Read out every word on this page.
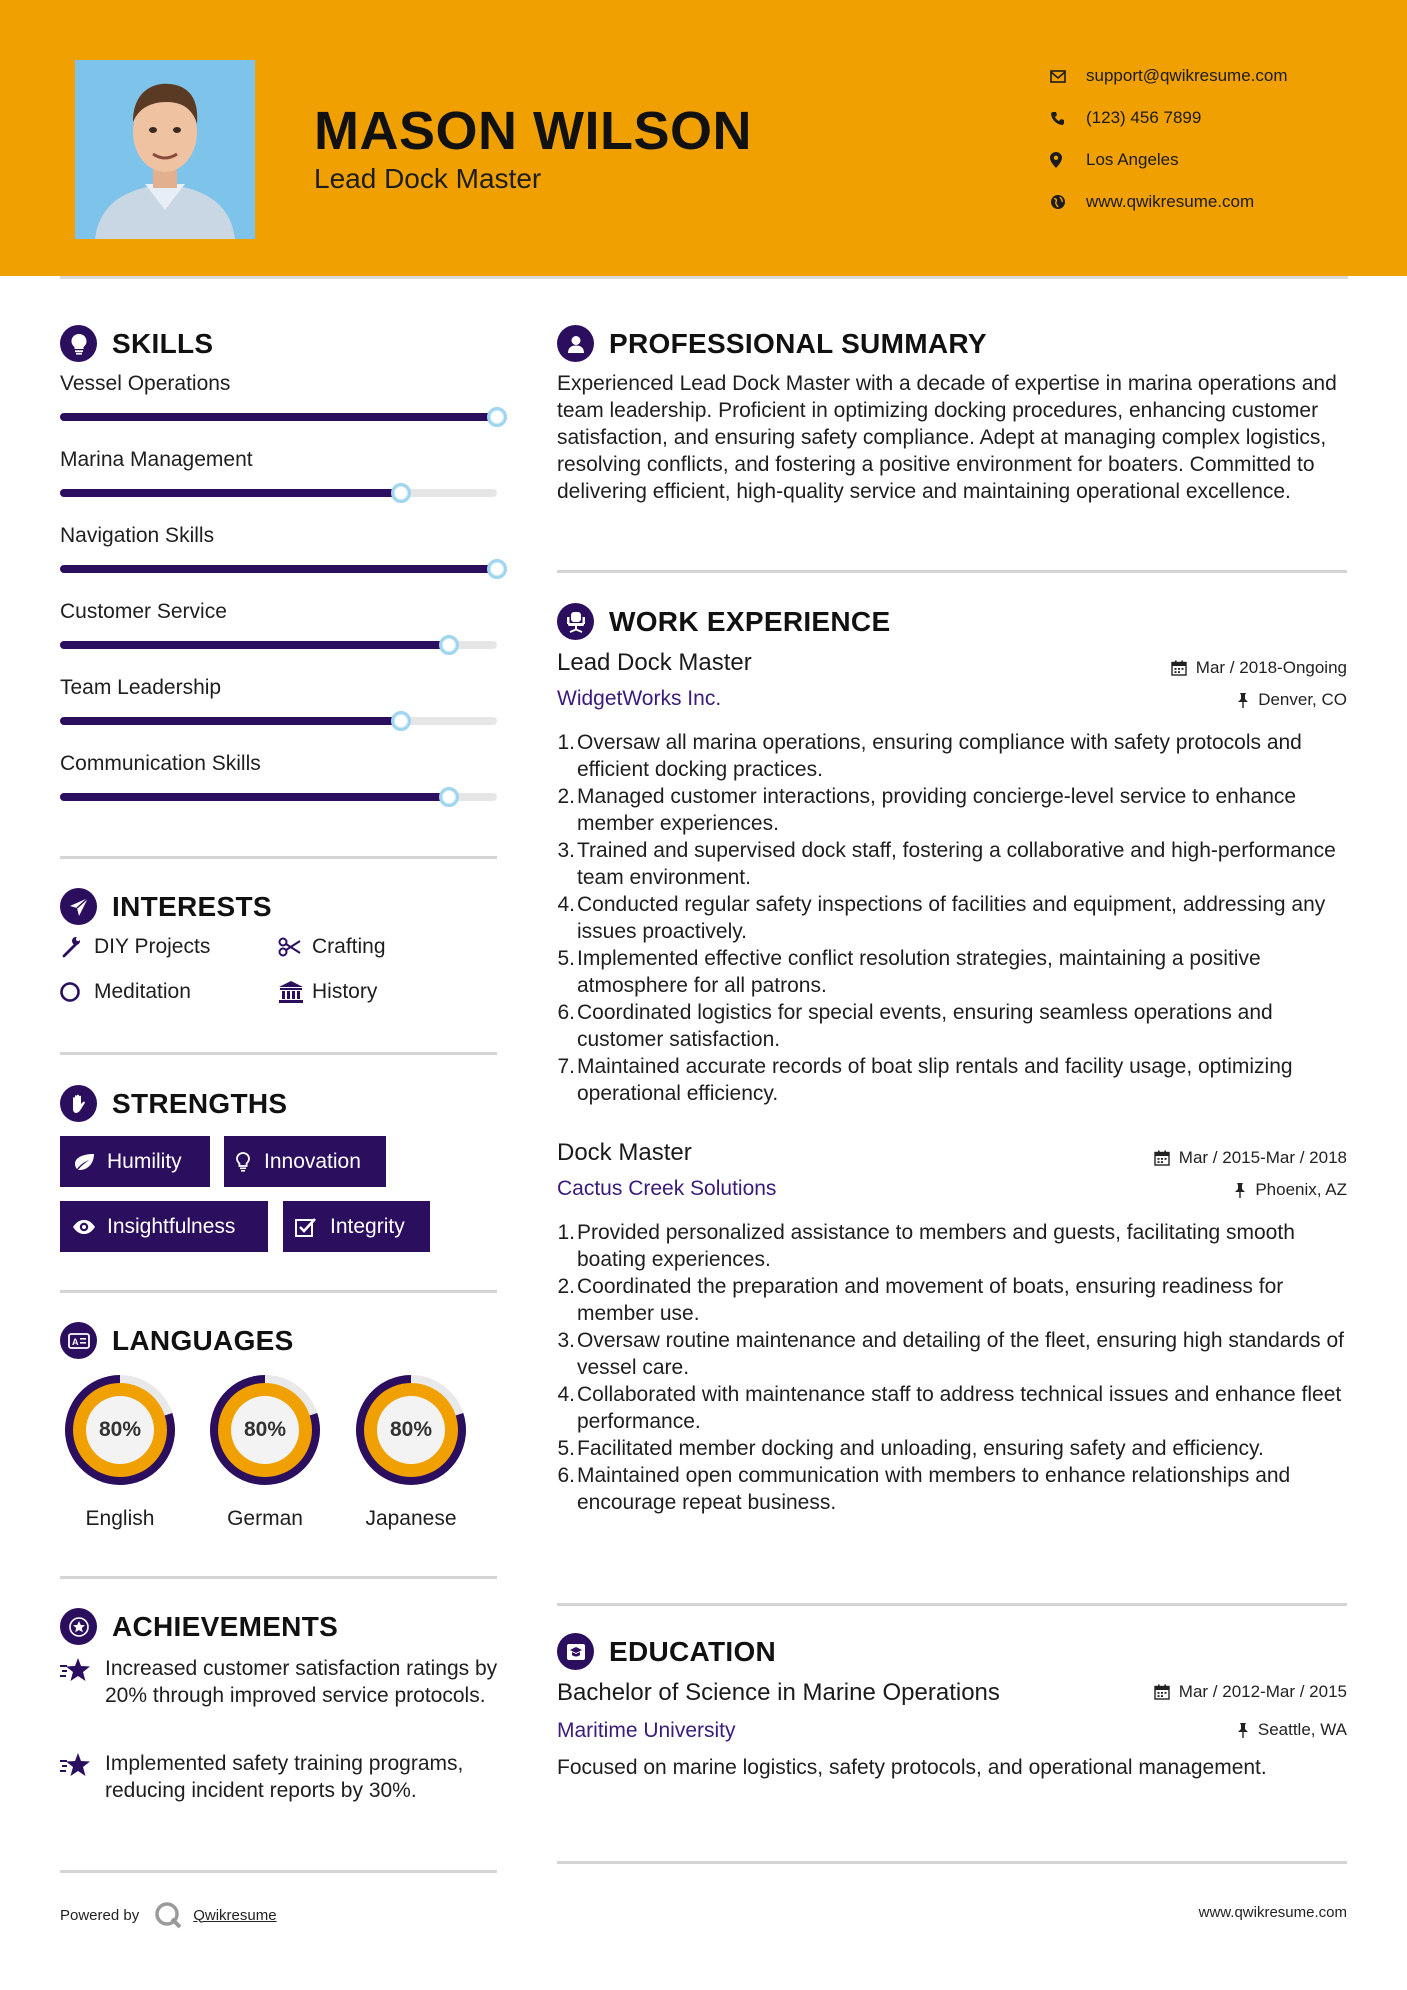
MASON WILSON
Lead Dock Master
support@qwikresume.com
(123) 456 7899
Los Angeles
www.qwikresume.com
SKILLS
Vessel Operations
Marina Management
Navigation Skills
Customer Service
Team Leadership
Communication Skills
INTERESTS
DIY Projects	Crafting
Meditation	History
STRENGTHS
Humility	Innovation
Insightfulness	Integrity
A LANGUAGES
80%
English
80%
German
80%
Japanese
ACHIEVEMENTS
Increased customer satisfaction ratings by 20% through improved service protocols.
Implemented safety training programs, reducing incident reports by 30%.
PROFESSIONAL SUMMARY
Experienced Lead Dock Master with a decade of expertise in marina operations and team leadership. Proficient in optimizing docking procedures, enhancing customer satisfaction, and ensuring safety compliance. Adept at managing complex logistics, resolving conflicts, and fostering a positive environment for boaters. Committed to delivering efficient, high-quality service and maintaining operational excellence.
WORK EXPERIENCE
Lead Dock Master	Mar / 2018-Ongoing
WidgetWorks Inc.	Denver, CO
1. Oversaw all marina operations, ensuring compliance with safety protocols and efficient docking practices.
2. Managed customer interactions, providing concierge-level service to enhance member experiences.
3. Trained and supervised dock staff, fostering a collaborative and high-performance team environment.
4. Conducted regular safety inspections of facilities and equipment, addressing any issues proactively.
5. Implemented effective conflict resolution strategies, maintaining a positive atmosphere for all patrons.
6. Coordinated logistics for special events, ensuring seamless operations and customer satisfaction.
7. Maintained accurate records of boat slip rentals and facility usage, optimizing operational efficiency.
Dock Master	Mar / 2015-Mar / 2018
Cactus Creek Solutions	Phoenix, AZ
1. Provided personalized assistance to members and guests, facilitating smooth boating experiences.
2. Coordinated the preparation and movement of boats, ensuring readiness for member use.
3. Oversaw routine maintenance and detailing of the fleet, ensuring high standards of vessel care.
4. Collaborated with maintenance staff to address technical issues and enhance fleet performance.
5. Facilitated member docking and unloading, ensuring safety and efficiency.
6. Maintained open communication with members to enhance relationships and encourage repeat business.
EDUCATION
Bachelor of Science in Marine Operations	Mar / 2012-Mar / 2015
Maritime University	Seattle, WA
Focused on marine logistics, safety protocols, and operational management.
Powered by	Qwikresume	www.qwikresume.com
